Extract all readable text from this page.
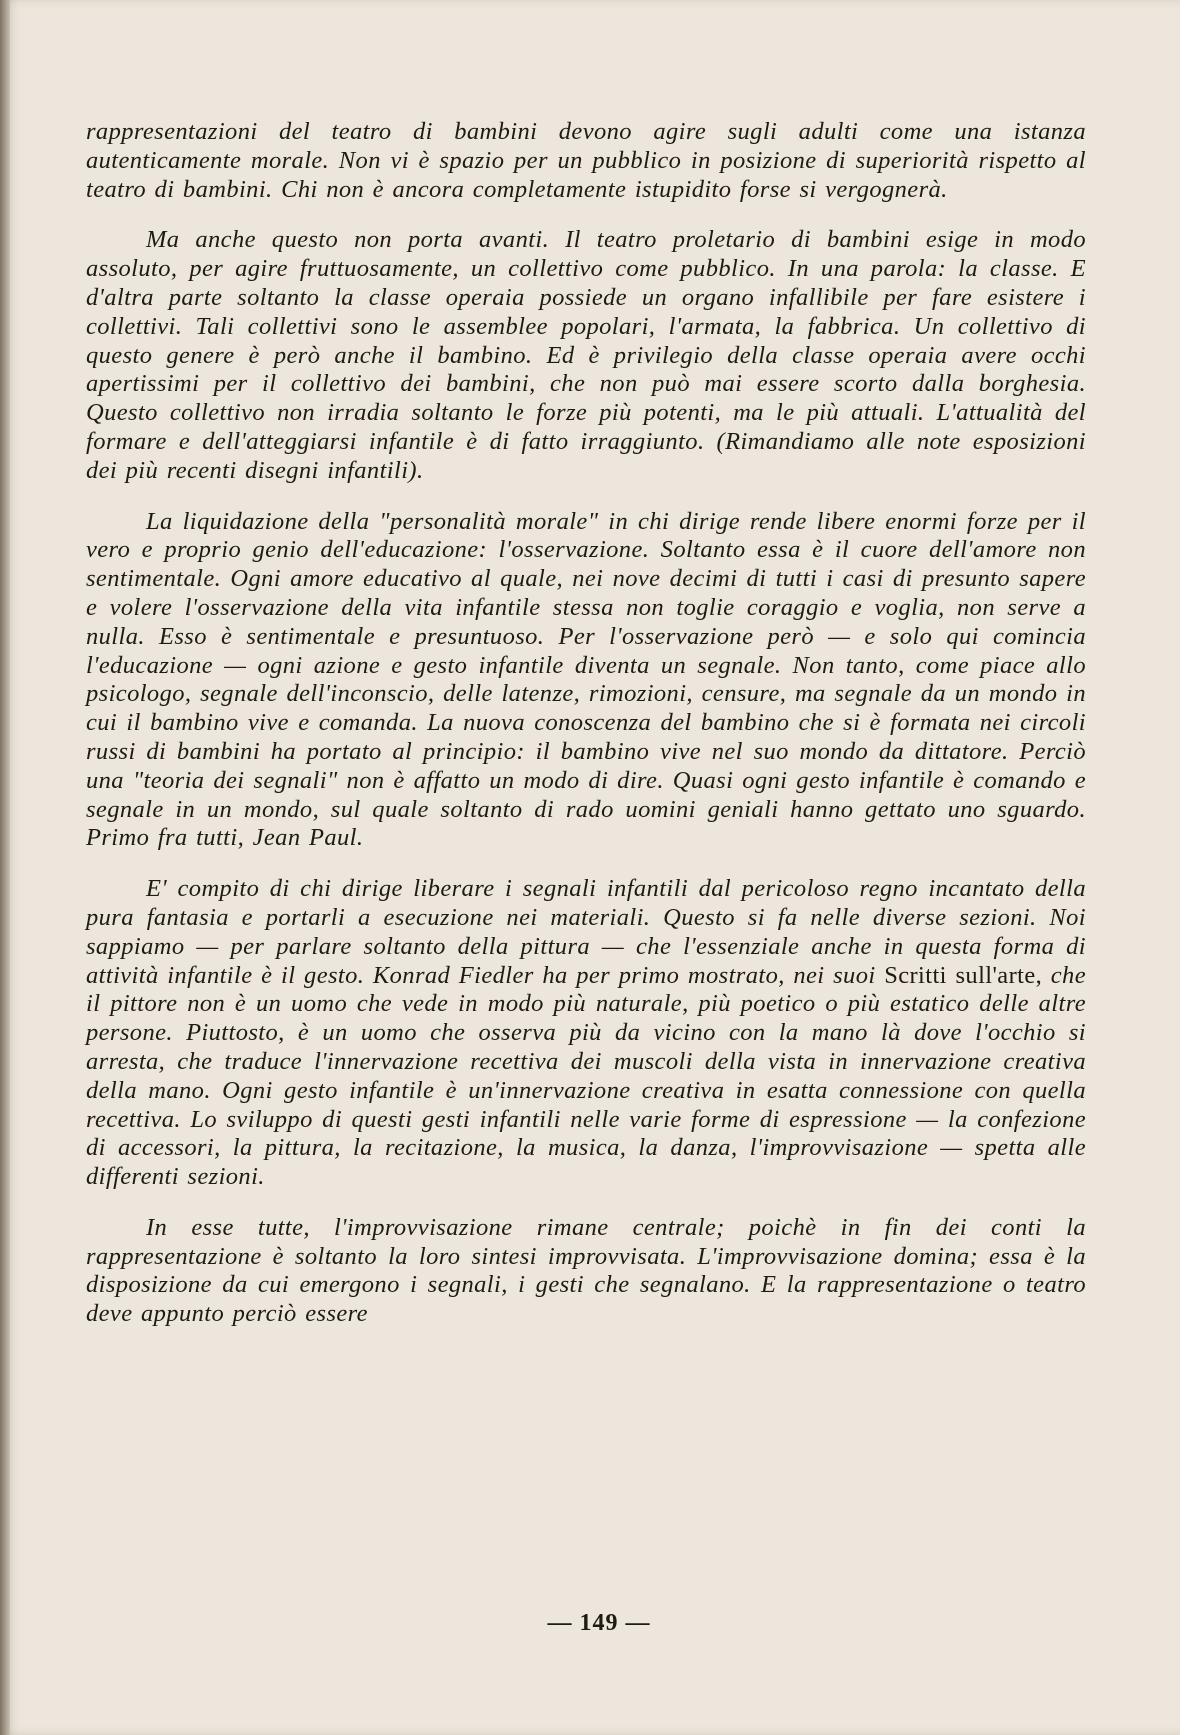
rappresentazioni del teatro di bambini devono agire sugli adulti come una istanza autenticamente morale. Non vi è spazio per un pubblico in posizione di superiorità rispetto al teatro di bambini. Chi non è ancora completamente istupidito forse si vergognerà.

Ma anche questo non porta avanti. Il teatro proletario di bambini esige in modo assoluto, per agire fruttuosamente, un collettivo come pubblico. In una parola: la classe. E d'altra parte soltanto la classe operaia possiede un organo infallibile per fare esistere i collettivi. Tali collettivi sono le assemblee popolari, l'armata, la fabbrica. Un collettivo di questo genere è però anche il bambino. Ed è privilegio della classe operaia avere occhi apertissimi per il collettivo dei bambini, che non può mai essere scorto dalla borghesia. Questo collettivo non irradia soltanto le forze più potenti, ma le più attuali. L'attualità del formare e dell'atteggiarsi infantile è di fatto irraggiunto. (Rimandiamo alle note esposizioni dei più recenti disegni infantili).

La liquidazione della "personalità morale" in chi dirige rende libere enormi forze per il vero e proprio genio dell'educazione: l'osservazione. Soltanto essa è il cuore dell'amore non sentimentale. Ogni amore educativo al quale, nei nove decimi di tutti i casi di presunto sapere e volere l'osservazione della vita infantile stessa non toglie coraggio e voglia, non serve a nulla. Esso è sentimentale e presuntuoso. Per l'osservazione però — e solo qui comincia l'educazione — ogni azione e gesto infantile diventa un segnale. Non tanto, come piace allo psicologo, segnale dell'inconscio, delle latenze, rimozioni, censure, ma segnale da un mondo in cui il bambino vive e comanda. La nuova conoscenza del bambino che si è formata nei circoli russi di bambini ha portato al principio: il bambino vive nel suo mondo da dittatore. Perciò una "teoria dei segnali" non è affatto un modo di dire. Quasi ogni gesto infantile è comando e segnale in un mondo, sul quale soltanto di rado uomini geniali hanno gettato uno sguardo. Primo fra tutti, Jean Paul.

E' compito di chi dirige liberare i segnali infantili dal pericoloso regno incantato della pura fantasia e portarli a esecuzione nei materiali. Questo si fa nelle diverse sezioni. Noi sappiamo — per parlare soltanto della pittura — che l'essenziale anche in questa forma di attività infantile è il gesto. Konrad Fiedler ha per primo mostrato, nei suoi Scritti sull'arte, che il pittore non è un uomo che vede in modo più naturale, più poetico o più estatico delle altre persone. Piuttosto, è un uomo che osserva più da vicino con la mano là dove l'occhio si arresta, che traduce l'innervazione recettiva dei muscoli della vista in innervazione creativa della mano. Ogni gesto infantile è un'innervazione creativa in esatta connessione con quella recettiva. Lo sviluppo di questi gesti infantili nelle varie forme di espressione — la confezione di accessori, la pittura, la recitazione, la musica, la danza, l'improvvisazione — spetta alle differenti sezioni.

In esse tutte, l'improvvisazione rimane centrale; poichè in fin dei conti la rappresentazione è soltanto la loro sintesi improvvisata. L'improvvisazione domina; essa è la disposizione da cui emergono i segnali, i gesti che segnalano. E la rappresentazione o teatro deve appunto perciò essere

— 149 —
